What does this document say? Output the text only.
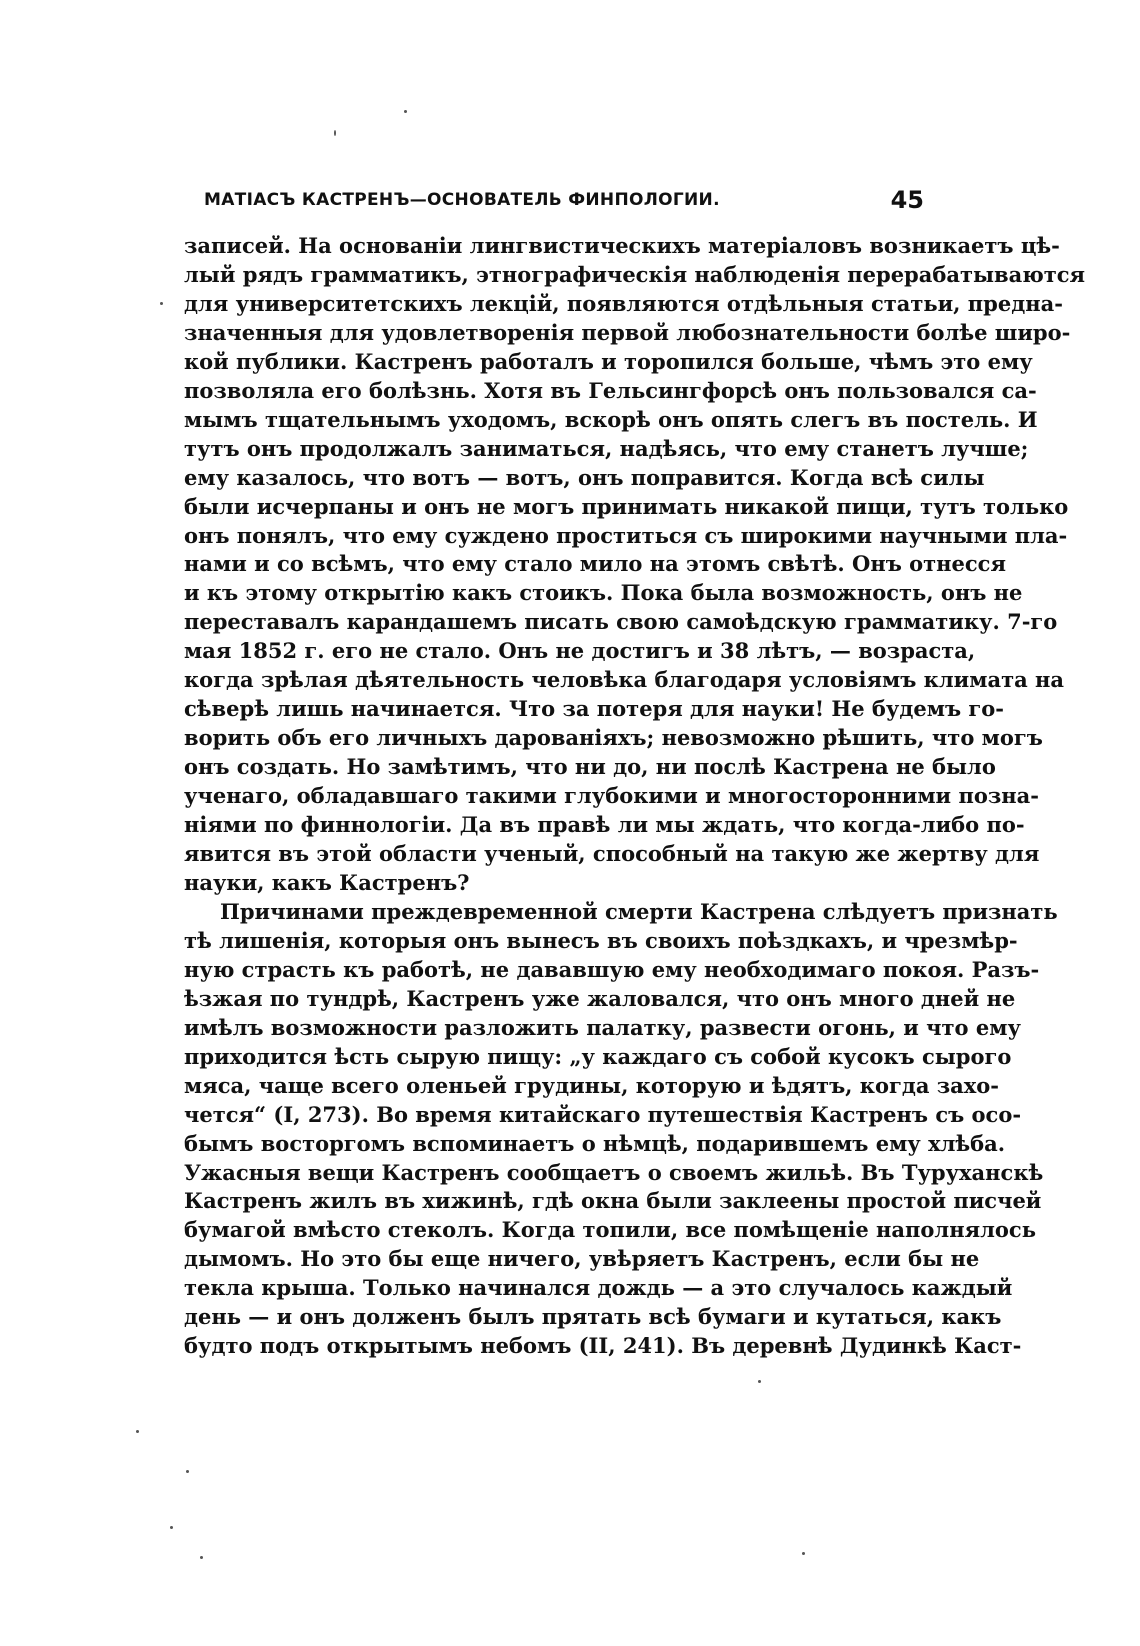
МАТІАСЪ КАСТРЕНЪ—ОСНОВАТЕЛЬ ФИНПОЛОГИИ.	45
записей. На основанiи лингвистическихъ матерiаловъ возникаетъ цѣ-
лый рядъ грамматикъ, этнографическiя наблюденiя перерабатываются
для университетскихъ лекцiй, появляются отдѣльныя статьи, предна-
значенныя для удовлетворенiя первой любознательности болѣе широ-
кой публики. Кастренъ работалъ и торопился больше, чѣмъ это ему
позволяла его болѣзнь. Хотя въ Гельсингфорсѣ онъ пользовался са-
мымъ тщательнымъ уходомъ, вскорѣ онъ опять слегъ въ постель. И
тутъ онъ продолжалъ заниматься, надѣясь, что ему станетъ лучше;
ему казалось, что вотъ — вотъ, онъ поправится. Когда всѣ силы
были исчерпаны и онъ не могъ принимать никакой пищи, тутъ только
онъ понялъ, что ему суждено проститься съ широкими научными пла-
нами и со всѣмъ, что ему стало мило на этомъ свѣтѣ. Онъ отнесся
и къ этому открытiю какъ стоикъ. Пока была возможность, онъ не
переставалъ карандашемъ писать свою самоѣдскую грамматику. 7-го
мая 1852 г. его не стало. Онъ не достигъ и 38 лѣтъ, — возраста,
когда зрѣлая дѣятельность человѣка благодаря условiямъ климата на
сѣверѣ лишь начинается. Что за потеря для науки! Не будемъ го-
ворить объ его личныхъ дарованiяхъ; невозможно рѣшить, что могъ
онъ создать. Но замѣтимъ, что ни до, ни послѣ Кастрена не было
ученаго, обладавшаго такими глубокими и многосторонними позна-
нiями по финнологiи. Да въ правѣ ли мы ждать, что когда-либо по-
явится въ этой области ученый, способный на такую же жертву для
науки, какъ Кастренъ?
Причинами преждевременной смерти Кастрена слѣдуетъ признать
тѣ лишенiя, которыя онъ вынесъ въ своихъ поѣздкахъ, и чрезмѣр-
ную страсть къ работѣ, не дававшую ему необходимаго покоя. Разъ-
ѣзжая по тундрѣ, Кастренъ уже жаловался, что онъ много дней не
имѣлъ возможности разложить палатку, развести огонь, и что ему
приходится ѣсть сырую пищу: „у каждаго съ собой кусокъ сырого
мяса, чаще всего оленьей грудины, которую и ѣдятъ, когда захо-
чется“ (I, 273). Во время китайскаго путешествiя Кастренъ съ осо-
бымъ восторгомъ вспоминаетъ о нѣмцѣ, подарившемъ ему хлѣба.
Ужасныя вещи Кастренъ сообщаетъ о своемъ жильѣ. Въ Туруханскѣ
Кастренъ жилъ въ хижинѣ, гдѣ окна были заклеены простой писчей
бумагой вмѣсто стеколъ. Когда топили, все помѣщенiе наполнялось
дымомъ. Но это бы еще ничего, увѣряетъ Кастренъ, если бы не
текла крыша. Только начинался дождь — а это случалось каждый
день — и онъ долженъ былъ прятать всѣ бумаги и кутаться, какъ
будто подъ открытымъ небомъ (II, 241). Въ деревнѣ Дудинкѣ Каст-
